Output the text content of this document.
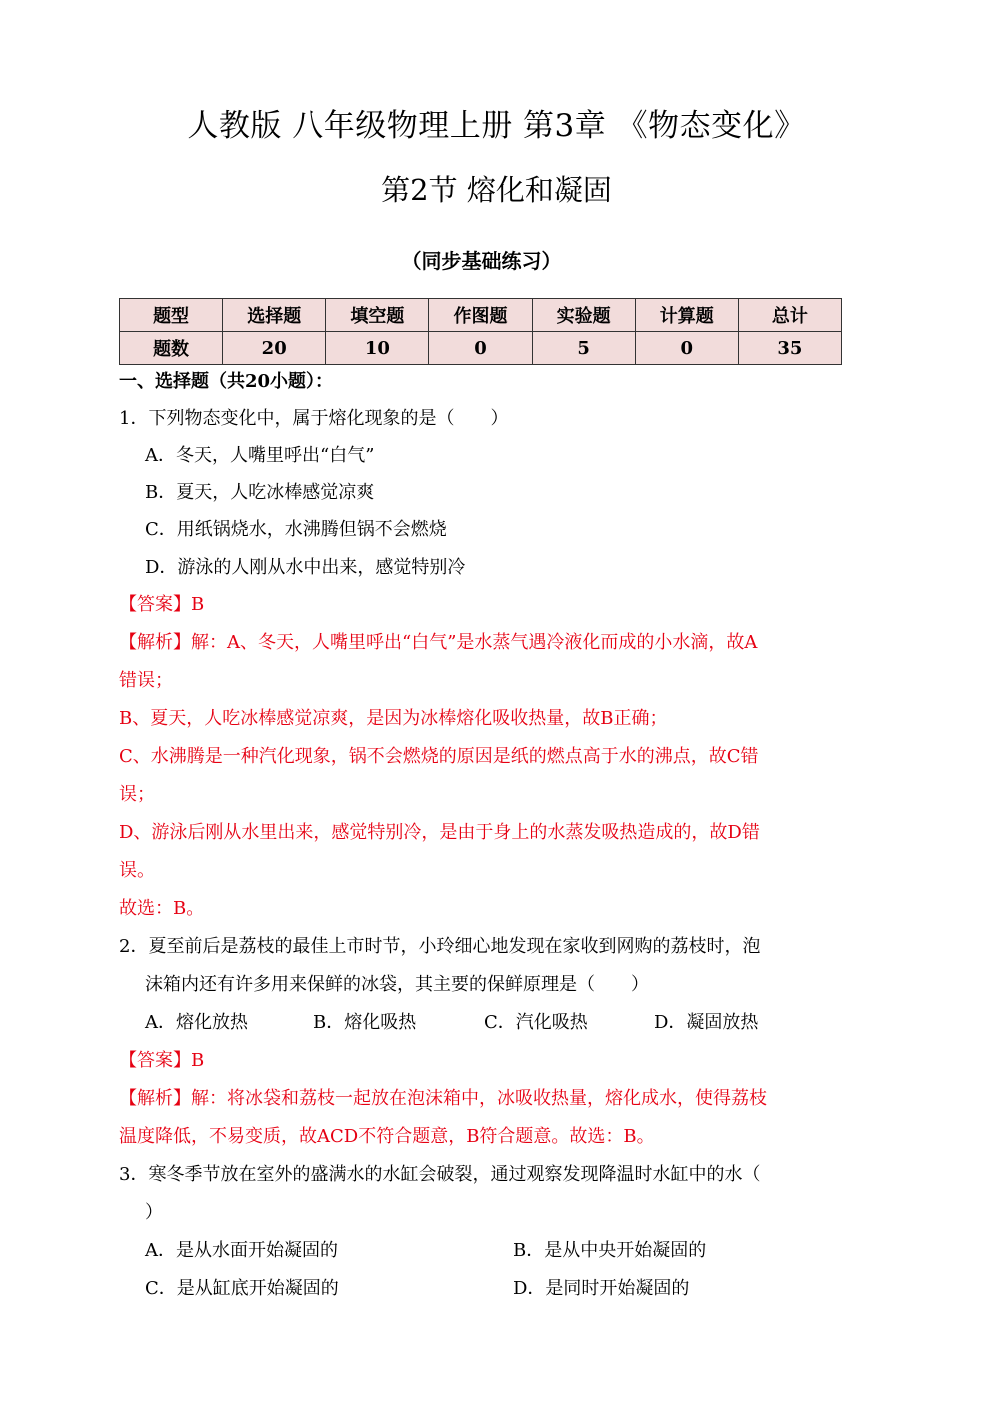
人教版 八年级物理上册 第3章 《物态变化》
第2节 熔化和凝固
（同步基础练习）
题型	选择题	填空题	作图题	实验题	计算题	总计
题数	20	10	0	5	0	35
一、选择题（共20小题）：
1．下列物态变化中，属于熔化现象的是（　　）
A．冬天，人嘴里呼出“白气”
B．夏天，人吃冰棒感觉凉爽
C．用纸锅烧水，水沸腾但锅不会燃烧
D．游泳的人刚从水中出来，感觉特别冷
【答案】B
【解析】解：A、冬天，人嘴里呼出“白气”是水蒸气遇冷液化而成的小水滴，故A
错误；
B、夏天，人吃冰棒感觉凉爽，是因为冰棒熔化吸收热量，故B正确；
C、水沸腾是一种汽化现象，锅不会燃烧的原因是纸的燃点高于水的沸点，故C错
误；
D、游泳后刚从水里出来，感觉特别冷，是由于身上的水蒸发吸热造成的，故D错
误。
故选：B。
2．夏至前后是荔枝的最佳上市时节，小玲细心地发现在家收到网购的荔枝时，泡
沫箱内还有许多用来保鲜的冰袋，其主要的保鲜原理是（　　）
A．熔化放热	B．熔化吸热	C．汽化吸热	D．凝固放热
【答案】B
【解析】解：将冰袋和荔枝一起放在泡沫箱中，冰吸收热量，熔化成水，使得荔枝
温度降低，不易变质，故ACD不符合题意，B符合题意。故选：B。
3．寒冬季节放在室外的盛满水的水缸会破裂，通过观察发现降温时水缸中的水（
）
A．是从水面开始凝固的	B．是从中央开始凝固的
C．是从缸底开始凝固的	D．是同时开始凝固的
